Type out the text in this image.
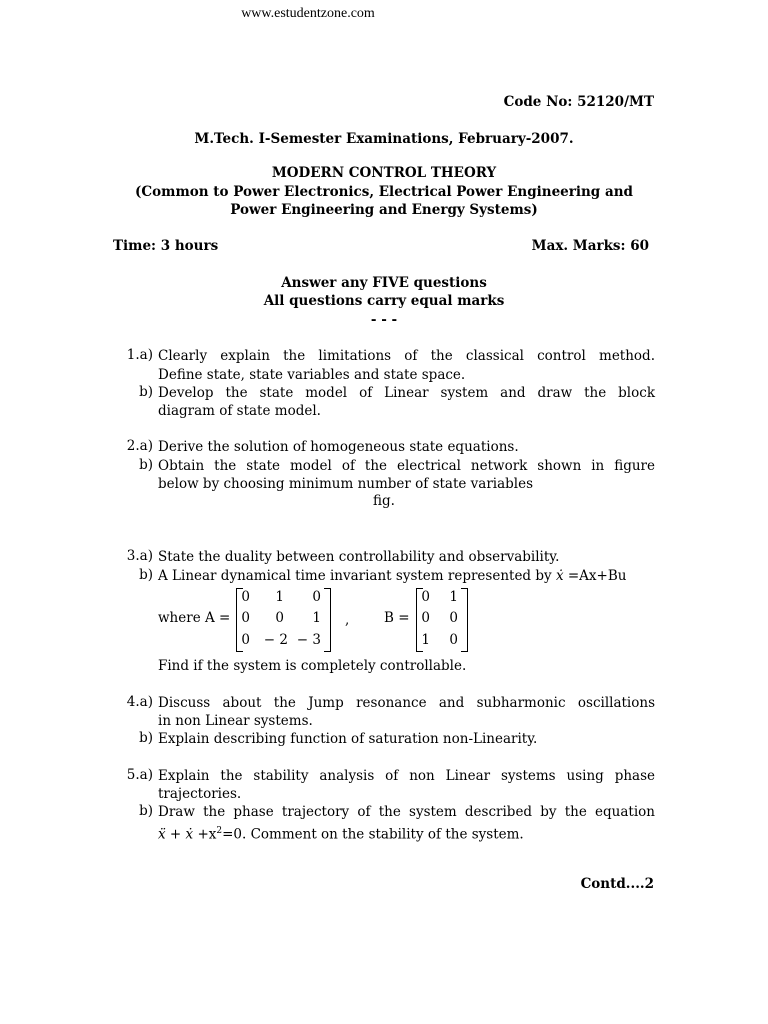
www.estudentzone.com
Code No: 52120/MT
M.Tech. I-Semester Examinations, February-2007.
MODERN CONTROL THEORY
(Common to Power Electronics, Electrical Power Engineering and
Power Engineering and Energy Systems)
Time: 3 hours	Max. Marks: 60
Answer any FIVE questions
All questions carry equal marks
- - -
1.a) Clearly explain the limitations of the classical control method.
Define state, state variables and state space.
b) Develop the state model of Linear system and draw the block
diagram of state model.
2.a) Derive the solution of homogeneous state equations.
b) Obtain the state model of the electrical network shown in figure
below by choosing minimum number of state variables
fig.
3.a) State the duality between controllability and observability.
b) A Linear dynamical time invariant system represented by ẋ =Ax+Bu
where A =
0	1	0
0	0	1
0 − 2 − 3
,	B =
0	1
0	0
1	0
Find if the system is completely controllable.
4.a) Discuss about the Jump resonance and subharmonic oscillations
in non Linear systems.
b) Explain describing function of saturation non-Linearity.
5.a) Explain the stability analysis of non Linear systems using phase
trajectories.
b) Draw the phase trajectory of the system described by the equation
ẍ + ẋ $+x^2=0$. Comment on the stability of the system.
Contd....2
